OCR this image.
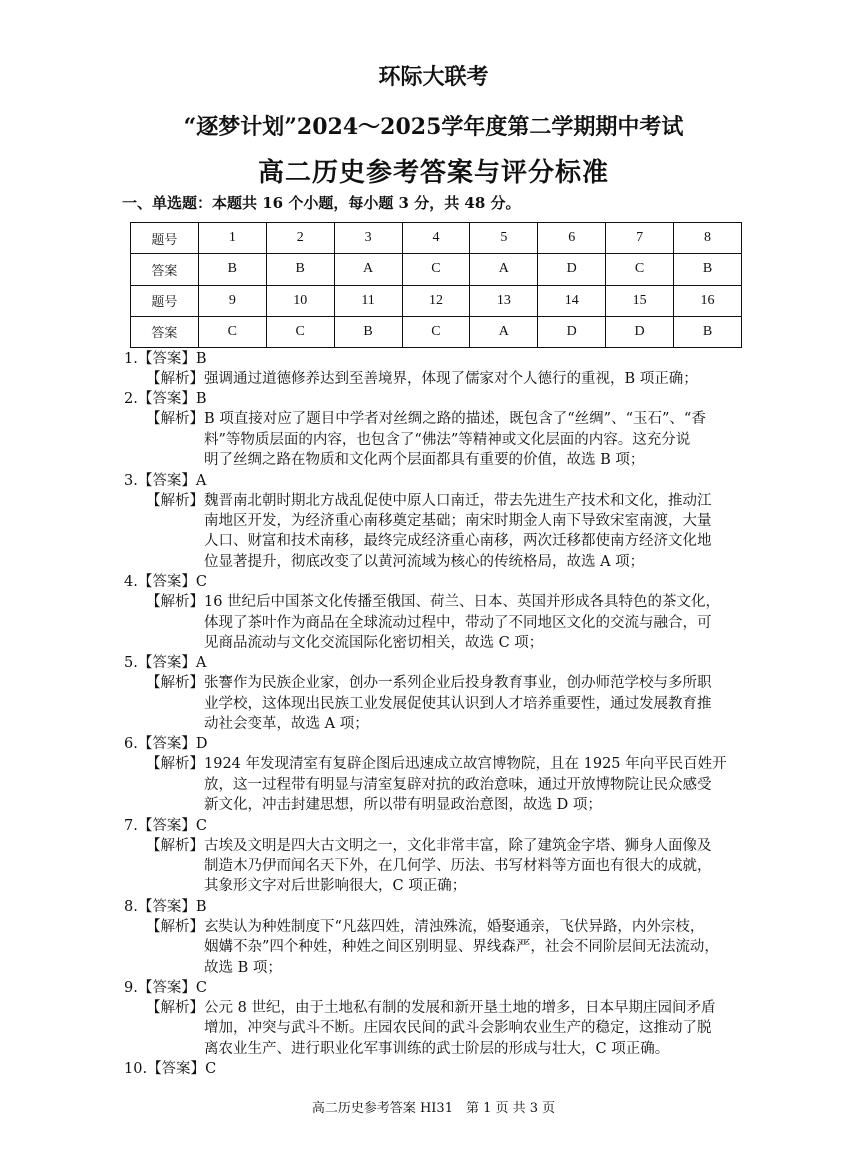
环际大联考
“逐梦计划”2024～2025学年度第二学期期中考试
高二历史参考答案与评分标准
一、单选题：本题共 16 个小题，每小题 3 分，共 48 分。
题号	1	2	3	4	5	6	7	8
答案	B	B	A	C	A	D	C	B
题号	9	10	11	12	13	14	15	16
答案	C	C	B	C	A	D	D	B
1.【答案】B
【解析】 强调通过道德修养达到至善境界，体现了儒家对个人德行的重视，B 项正确；
2.【答案】B
【解析】 B 项直接对应了题目中学者对丝绸之路的描述，既包含了“丝绸”、“玉石”、“香
料”等物质层面的内容，也包含了“佛法”等精神或文化层面的内容。这充分说
明了丝绸之路在物质和文化两个层面都具有重要的价值，故选 B 项；
3.【答案】A
【解析】 魏晋南北朝时期北方战乱促使中原人口南迁，带去先进生产技术和文化，推动江
南地区开发，为经济重心南移奠定基础；南宋时期金人南下导致宋室南渡，大量
人口、财富和技术南移，最终完成经济重心南移，两次迁移都使南方经济文化地
位显著提升，彻底改变了以黄河流域为核心的传统格局，故选 A 项；
4.【答案】C
【解析】 16 世纪后中国茶文化传播至俄国、荷兰、日本、英国并形成各具特色的茶文化，
体现了茶叶作为商品在全球流动过程中，带动了不同地区文化的交流与融合，可
见商品流动与文化交流国际化密切相关，故选 C 项；
5.【答案】A
【解析】 张謇作为民族企业家，创办一系列企业后投身教育事业，创办师范学校与多所职
业学校，这体现出民族工业发展促使其认识到人才培养重要性，通过发展教育推
动社会变革，故选 A 项；
6.【答案】D
【解析】 1924 年发现清室有复辟企图后迅速成立故宫博物院，且在 1925 年向平民百姓开
放，这一过程带有明显与清室复辟对抗的政治意味，通过开放博物院让民众感受
新文化，冲击封建思想，所以带有明显政治意图，故选 D 项；
7.【答案】C
【解析】 古埃及文明是四大古文明之一，文化非常丰富，除了建筑金字塔、狮身人面像及
制造木乃伊而闻名天下外，在几何学、历法、书写材料等方面也有很大的成就，
其象形文字对后世影响很大，C 项正确；
8.【答案】B
【解析】 玄奘认为种姓制度下“凡茲四姓，清浊殊流，婚娶通亲，飞伏异路，内外宗枝，
姻媾不杂”四个种姓，种姓之间区别明显、界线森严，社会不同阶层间无法流动，
故选 B 项；
9.【答案】C
【解析】 公元 8 世纪，由于土地私有制的发展和新开垦土地的增多，日本早期庄园间矛盾
增加，冲突与武斗不断。庄园农民间的武斗会影响农业生产的稳定，这推动了脱
离农业生产、进行职业化军事训练的武士阶层的形成与壮大，C 项正确。
10.【答案】C
高二历史参考答案 HI31　第 1 页 共 3 页
